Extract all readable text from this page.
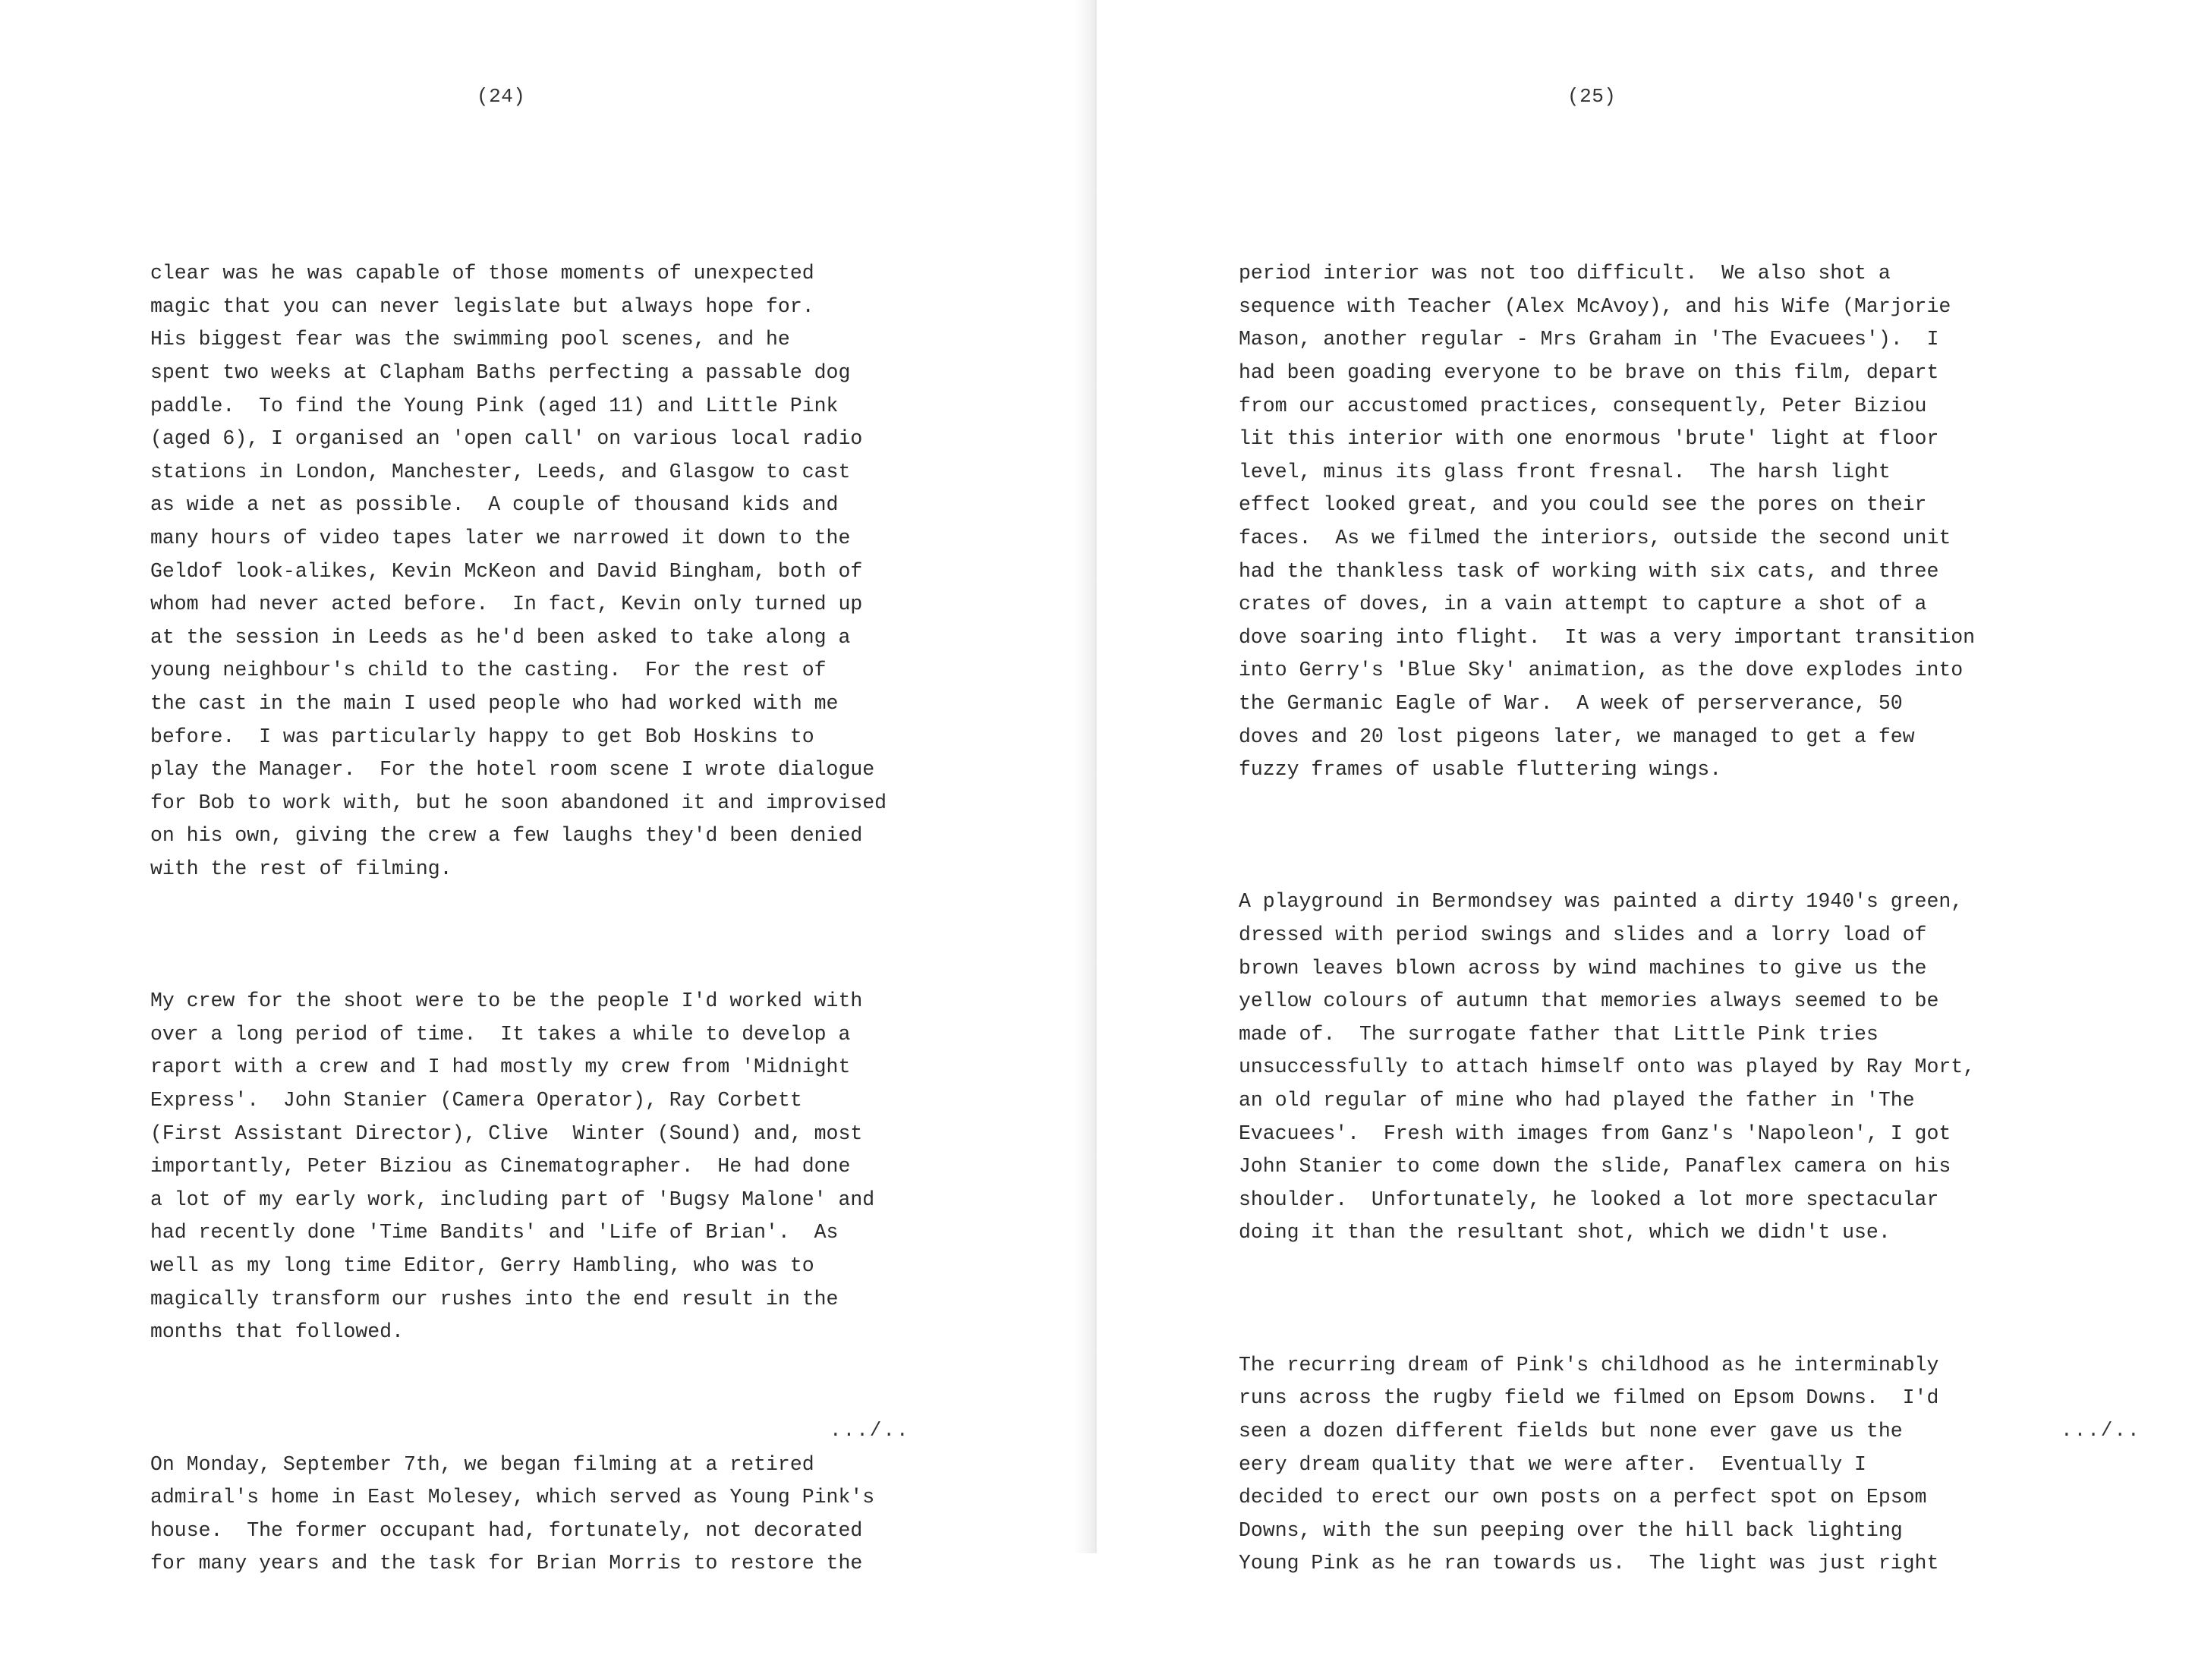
(24)

clear was he was capable of those moments of unexpected
magic that you can never legislate but always hope for.
His biggest fear was the swimming pool scenes, and he
spent two weeks at Clapham Baths perfecting a passable dog
paddle.  To find the Young Pink (aged 11) and Little Pink
(aged 6), I organised an 'open call' on various local radio
stations in London, Manchester, Leeds, and Glasgow to cast
as wide a net as possible.  A couple of thousand kids and
many hours of video tapes later we narrowed it down to the
Geldof look-alikes, Kevin McKeon and David Bingham, both of
whom had never acted before.  In fact, Kevin only turned up
at the session in Leeds as he'd been asked to take along a
young neighbour's child to the casting.  For the rest of
the cast in the main I used people who had worked with me
before.  I was particularly happy to get Bob Hoskins to
play the Manager.  For the hotel room scene I wrote dialogue
for Bob to work with, but he soon abandoned it and improvised
on his own, giving the crew a few laughs they'd been denied
with the rest of filming.

My crew for the shoot were to be the people I'd worked with
over a long period of time.  It takes a while to develop a
raport with a crew and I had mostly my crew from 'Midnight
Express'.  John Stanier (Camera Operator), Ray Corbett
(First Assistant Director), Clive  Winter (Sound) and, most
importantly, Peter Biziou as Cinematographer.  He had done
a lot of my early work, including part of 'Bugsy Malone' and
had recently done 'Time Bandits' and 'Life of Brian'.  As
well as my long time Editor, Gerry Hambling, who was to
magically transform our rushes into the end result in the
months that followed.

On Monday, September 7th, we began filming at a retired
admiral's home in East Molesey, which served as Young Pink's
house.  The former occupant had, fortunately, not decorated
for many years and the task for Brian Morris to restore the

.../..
(25)

period interior was not too difficult.  We also shot a
sequence with Teacher (Alex McAvoy), and his Wife (Marjorie
Mason, another regular - Mrs Graham in 'The Evacuees').  I
had been goading everyone to be brave on this film, depart
from our accustomed practices, consequently, Peter Biziou
lit this interior with one enormous 'brute' light at floor
level, minus its glass front fresnal.  The harsh light
effect looked great, and you could see the pores on their
faces.  As we filmed the interiors, outside the second unit
had the thankless task of working with six cats, and three
crates of doves, in a vain attempt to capture a shot of a
dove soaring into flight.  It was a very important transition
into Gerry's 'Blue Sky' animation, as the dove explodes into
the Germanic Eagle of War.  A week of perserverance, 50
doves and 20 lost pigeons later, we managed to get a few
fuzzy frames of usable fluttering wings.

A playground in Bermondsey was painted a dirty 1940's green,
dressed with period swings and slides and a lorry load of
brown leaves blown across by wind machines to give us the
yellow colours of autumn that memories always seemed to be
made of.  The surrogate father that Little Pink tries
unsuccessfully to attach himself onto was played by Ray Mort,
an old regular of mine who had played the father in 'The
Evacuees'.  Fresh with images from Ganz's 'Napoleon', I got
John Stanier to come down the slide, Panaflex camera on his
shoulder.  Unfortunately, he looked a lot more spectacular
doing it than the resultant shot, which we didn't use.

The recurring dream of Pink's childhood as he interminably
runs across the rugby field we filmed on Epsom Downs.  I'd
seen a dozen different fields but none ever gave us the
eery dream quality that we were after.  Eventually I
decided to erect our own posts on a perfect spot on Epsom
Downs, with the sun peeping over the hill back lighting
Young Pink as he ran towards us.  The light was just right

.../..
